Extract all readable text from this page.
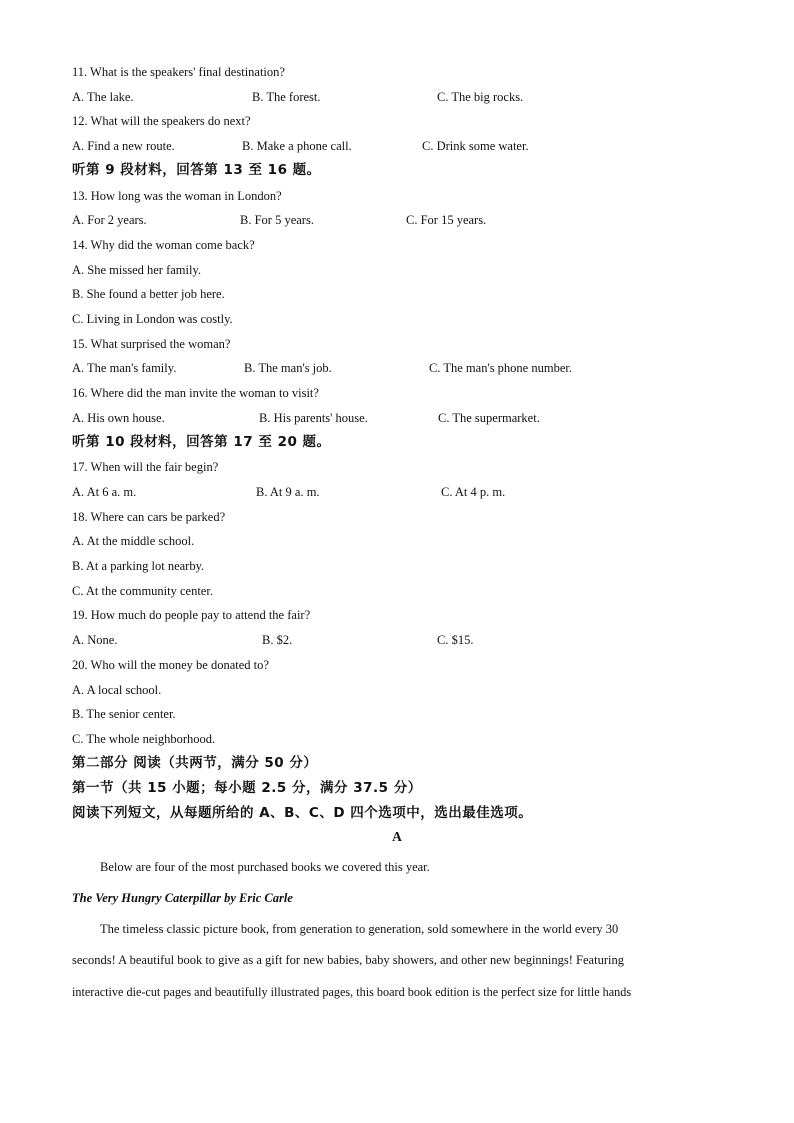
11. What is the speakers' final destination?
A. The lake.	B. The forest.	C. The big rocks.
12. What will the speakers do next?
A. Find a new route.	B. Make a phone call.	C. Drink some water.
听第 9 段材料，回答第 13 至 16 题。
13. How long was the woman in London?
A. For 2 years.	B. For 5 years.	C. For 15 years.
14. Why did the woman come back?
A. She missed her family.
B. She found a better job here.
C. Living in London was costly.
15. What surprised the woman?
A. The man's family.	B. The man's job.	C. The man's phone number.
16. Where did the man invite the woman to visit?
A. His own house.	B. His parents' house.	C. The supermarket.
听第 10 段材料，回答第 17 至 20 题。
17. When will the fair begin?
A. At 6 a. m.	B. At 9 a. m.	C. At 4 p. m.
18. Where can cars be parked?
A. At the middle school.
B. At a parking lot nearby.
C. At the community center.
19. How much do people pay to attend the fair?
A. None.	B. $2.	C. $15.
20. Who will the money be donated to?
A. A local school.
B. The senior center.
C. The whole neighborhood.
第二部分 阅读（共两节，满分 50 分）
第一节（共 15 小题；每小题 2.5 分，满分 37.5 分）
阅读下列短文，从每题所给的 A、B、C、D 四个选项中，选出最佳选项。
A
Below are four of the most purchased books we covered this year.
The Very Hungry Caterpillar by Eric Carle
The timeless classic picture book, from generation to generation, sold somewhere in the world every 30
seconds! A beautiful book to give as a gift for new babies, baby showers, and other new beginnings! Featuring
interactive die-cut pages and beautifully illustrated pages, this board book edition is the perfect size for little hands
